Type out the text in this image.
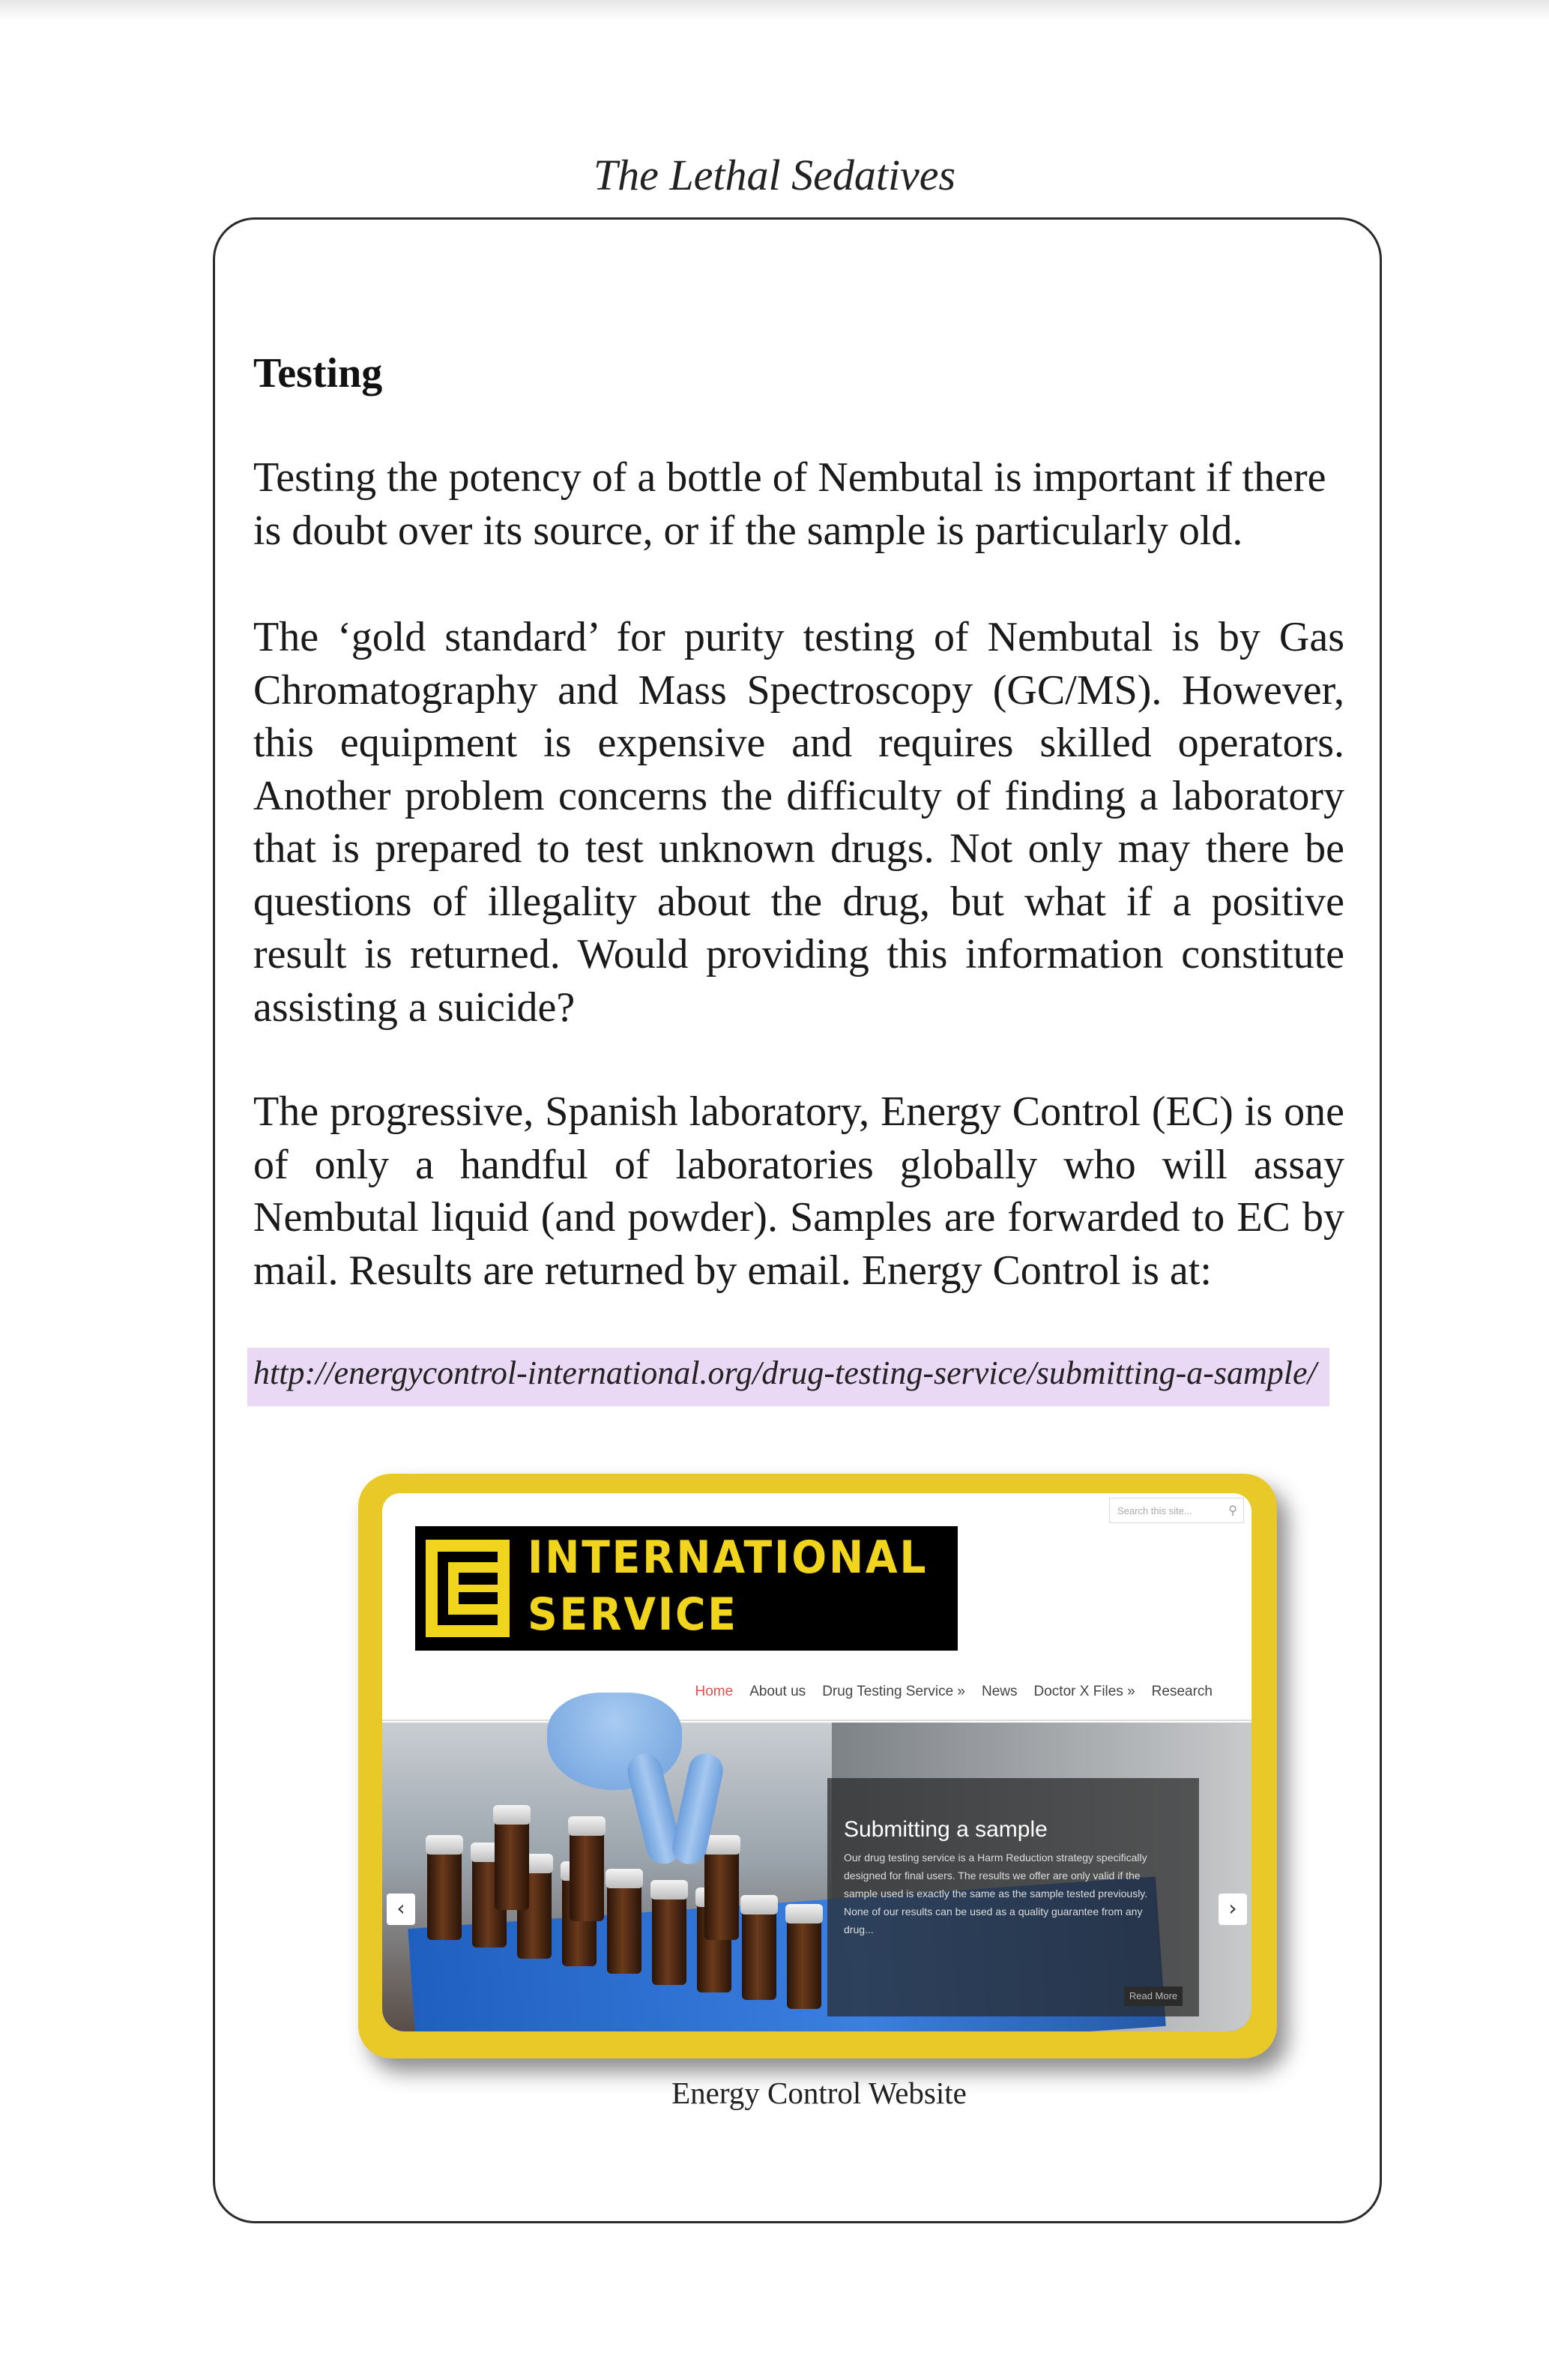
The Lethal Sedatives
Testing
Testing the potency of a bottle of Nembutal is important if there is doubt over its source, or if the sample is particularly old.
The ‘gold standard’ for purity testing of Nembutal is by Gas Chromatography and Mass Spectroscopy (GC/MS). However, this equipment is expensive and requires skilled operators. Another problem concerns the difficulty of finding a laboratory that is prepared to test unknown drugs. Not only may there be questions of illegality about the drug, but what if a positive result is returned. Would providing this information constitute assisting a suicide?
The progressive, Spanish laboratory, Energy Control (EC) is one of only a handful of laboratories globally who will assay Nembutal liquid (and powder). Samples are forwarded to EC by mail. Results are returned by email. Energy Control is at:
http://energycontrol-international.org/drug-testing-service/submitting-a-sample/
Search this site...	⚲
INTERNATIONAL
SERVICE
Home About us Drug Testing Service » News Doctor X Files » Research
Submitting a sample
Our drug testing service is a Harm Reduction strategy specifically designed for final users. The results we offer are only valid if the sample used is exactly the same as the sample tested previously. None of our results can be used as a quality guarantee from any drug...
Read More
‹	›
Energy Control Website
